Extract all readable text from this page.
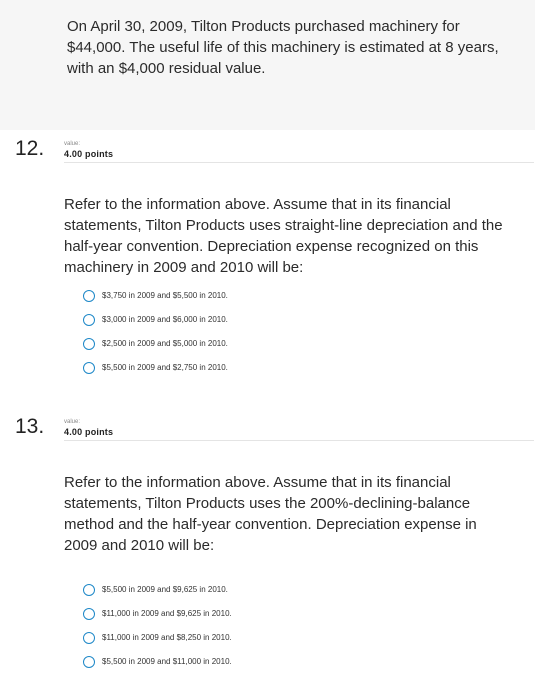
On April 30, 2009, Tilton Products purchased machinery for $44,000. The useful life of this machinery is estimated at 8 years, with an $4,000 residual value.

12.	value:

4.00 points

Refer to the information above. Assume that in its financial statements, Tilton Products uses straight-line depreciation and the half-year convention. Depreciation expense recognized on this machinery in 2009 and 2010 will be:

$3,750 in 2009 and $5,500 in 2010.
$3,000 in 2009 and $6,000 in 2010.
$2,500 in 2009 and $5,000 in 2010.
$5,500 in 2009 and $2,750 in 2010.

13.	value:

4.00 points

Refer to the information above. Assume that in its financial statements, Tilton Products uses the 200%-declining-balance method and the half-year convention. Depreciation expense in 2009 and 2010 will be:

$5,500 in 2009 and $9,625 in 2010.
$11,000 in 2009 and $9,625 in 2010.
$11,000 in 2009 and $8,250 in 2010.
$5,500 in 2009 and $11,000 in 2010.
